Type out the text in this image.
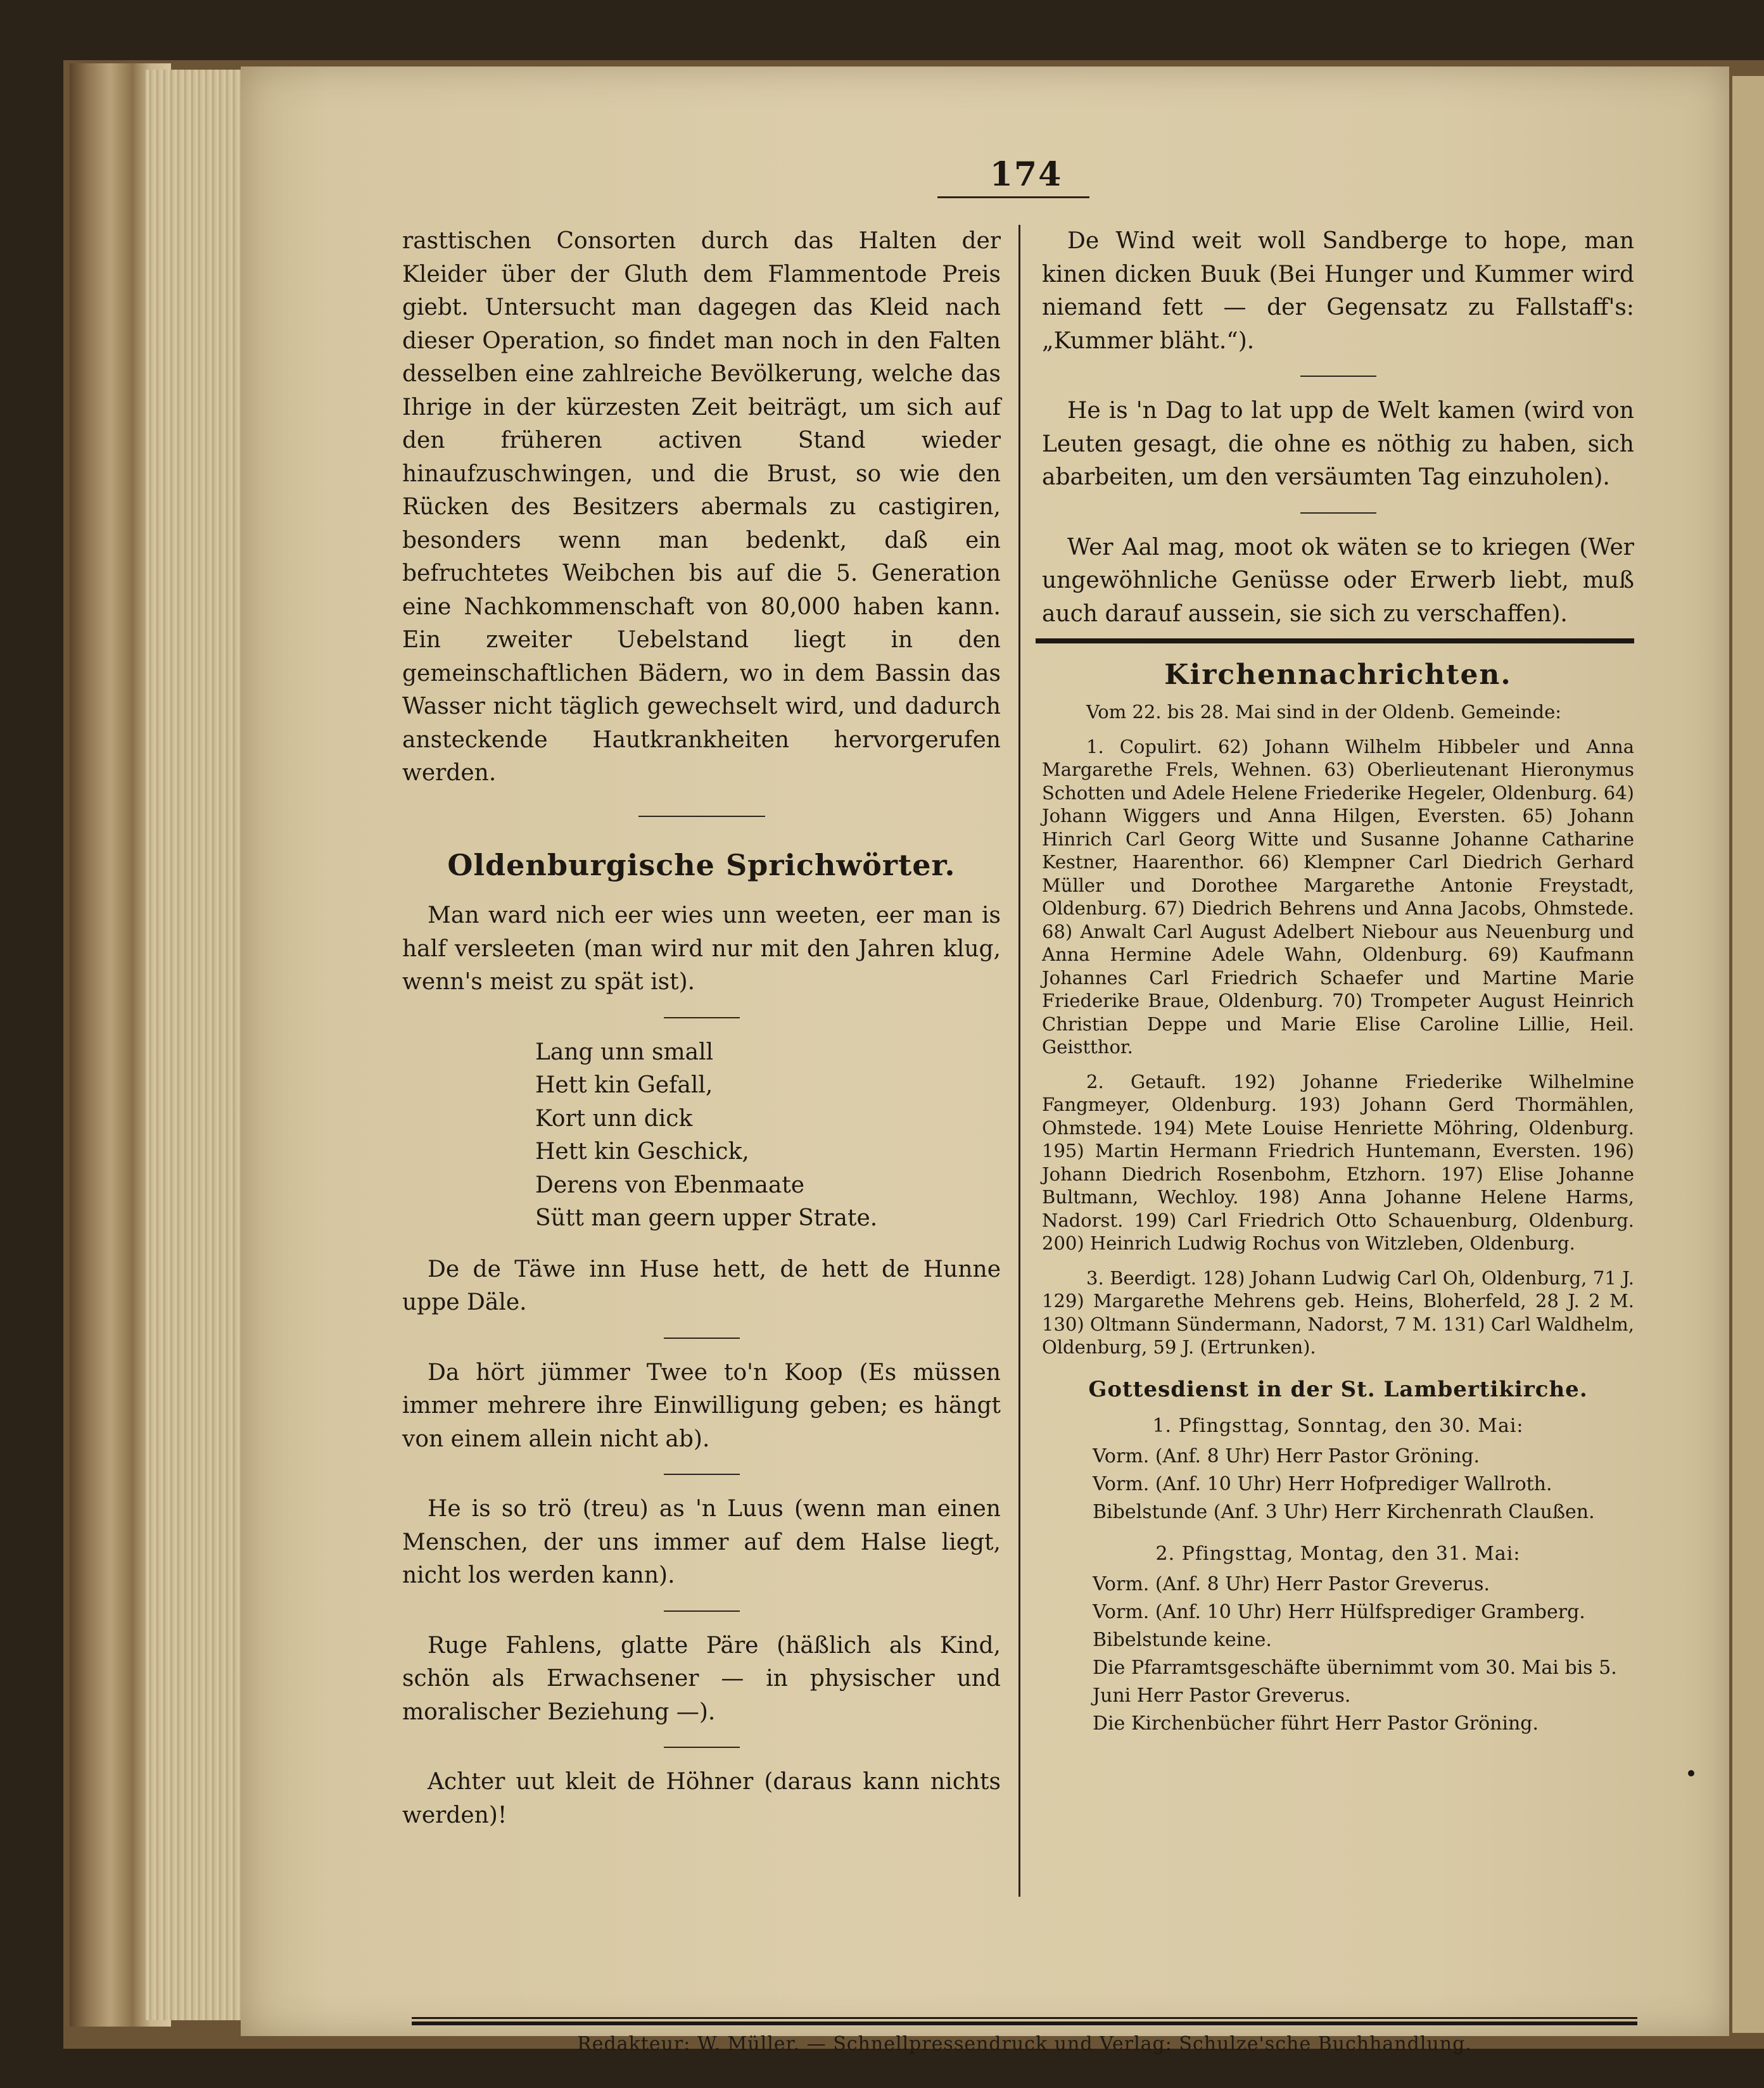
174

rasttischen Consorten durch das Halten der Kleider über der Gluth dem Flammentode Preis giebt. Untersucht man dagegen das Kleid nach dieser Operation, so findet man noch in den Falten desselben eine zahlreiche Bevölkerung, welche das Ihrige in der kürzesten Zeit beiträgt, um sich auf den früheren activen Stand wieder hinaufzuschwingen, und die Brust, so wie den Rücken des Besitzers abermals zu castigiren, besonders wenn man bedenkt, daß ein befruchtetes Weibchen bis auf die 5. Generation eine Nachkommenschaft von 80,000 haben kann. Ein zweiter Uebelstand liegt in den gemeinschaftlichen Bädern, wo in dem Bassin das Wasser nicht täglich gewechselt wird, und dadurch ansteckende Hautkrankheiten hervorgerufen werden.

Oldenburgische Sprichwörter.

Man ward nich eer wies unn weeten, eer man is half versleeten (man wird nur mit den Jahren klug, wenn's meist zu spät ist).

Lang unn small
Hett kin Gefall,
Kort unn dick
Hett kin Geschick,
Derens von Ebenmaate
Sütt man geern upper Strate.

De de Täwe inn Huse hett, de hett de Hunne uppe Däle.

Da hört jümmer Twee to'n Koop (Es müssen immer mehrere ihre Einwilligung geben; es hängt von einem allein nicht ab).

He is so trö (treu) as 'n Luus (wenn man einen Menschen, der uns immer auf dem Halse liegt, nicht los werden kann).

Ruge Fahlens, glatte Päre (häßlich als Kind, schön als Erwachsener — in physischer und moralischer Beziehung —).

Achter uut kleit de Höhner (daraus kann nichts werden)!

De Wind weit woll Sandberge to hope, man kinen dicken Buuk (Bei Hunger und Kummer wird niemand fett — der Gegensatz zu Fallstaff's: „Kummer bläht.“).

He is 'n Dag to lat upp de Welt kamen (wird von Leuten gesagt, die ohne es nöthig zu haben, sich abarbeiten, um den versäumten Tag einzuholen).

Wer Aal mag, moot ok wäten se to kriegen (Wer ungewöhnliche Genüsse oder Erwerb liebt, muß auch darauf aussein, sie sich zu verschaffen).

Kirchennachrichten.

Vom 22. bis 28. Mai sind in der Oldenb. Gemeinde:

1. Copulirt. 62) Johann Wilhelm Hibbeler und Anna Margarethe Frels, Wehnen. 63) Oberlieutenant Hieronymus Schotten und Adele Helene Friederike Hegeler, Oldenburg. 64) Johann Wiggers und Anna Hilgen, Eversten. 65) Johann Hinrich Carl Georg Witte und Susanne Johanne Catharine Kestner, Haarenthor. 66) Klempner Carl Diedrich Gerhard Müller und Dorothee Margarethe Antonie Freystadt, Oldenburg. 67) Diedrich Behrens und Anna Jacobs, Ohmstede. 68) Anwalt Carl August Adelbert Niebour aus Neuenburg und Anna Hermine Adele Wahn, Oldenburg. 69) Kaufmann Johannes Carl Friedrich Schaefer und Martine Marie Friederike Braue, Oldenburg. 70) Trompeter August Heinrich Christian Deppe und Marie Elise Caroline Lillie, Heil. Geistthor.

2. Getauft. 192) Johanne Friederike Wilhelmine Fangmeyer, Oldenburg. 193) Johann Gerd Thormählen, Ohmstede. 194) Mete Louise Henriette Möhring, Oldenburg. 195) Martin Hermann Friedrich Huntemann, Eversten. 196) Johann Diedrich Rosenbohm, Etzhorn. 197) Elise Johanne Bultmann, Wechloy. 198) Anna Johanne Helene Harms, Nadorst. 199) Carl Friedrich Otto Schauenburg, Oldenburg. 200) Heinrich Ludwig Rochus von Witzleben, Oldenburg.

3. Beerdigt. 128) Johann Ludwig Carl Oh, Oldenburg, 71 J. 129) Margarethe Mehrens geb. Heins, Bloherfeld, 28 J. 2 M. 130) Oltmann Sündermann, Nadorst, 7 M. 131) Carl Waldhelm, Oldenburg, 59 J. (Ertrunken).

Gottesdienst in der St. Lambertikirche.
1. Pfingsttag, Sonntag, den 30. Mai:
Vorm. (Anf. 8 Uhr) Herr Pastor Gröning.
Vorm. (Anf. 10 Uhr) Herr Hofprediger Wallroth.
Bibelstunde (Anf. 3 Uhr) Herr Kirchenrath Claußen.
2. Pfingsttag, Montag, den 31. Mai:
Vorm. (Anf. 8 Uhr) Herr Pastor Greverus.
Vorm. (Anf. 10 Uhr) Herr Hülfsprediger Gramberg.
Bibelstunde keine.
Die Pfarramtsgeschäfte übernimmt vom 30. Mai bis 5. Juni Herr Pastor Greverus.
Die Kirchenbücher führt Herr Pastor Gröning.
Redakteur: W. Müller. — Schnellpressendruck und Verlag: Schulze'sche Buchhandlung.
